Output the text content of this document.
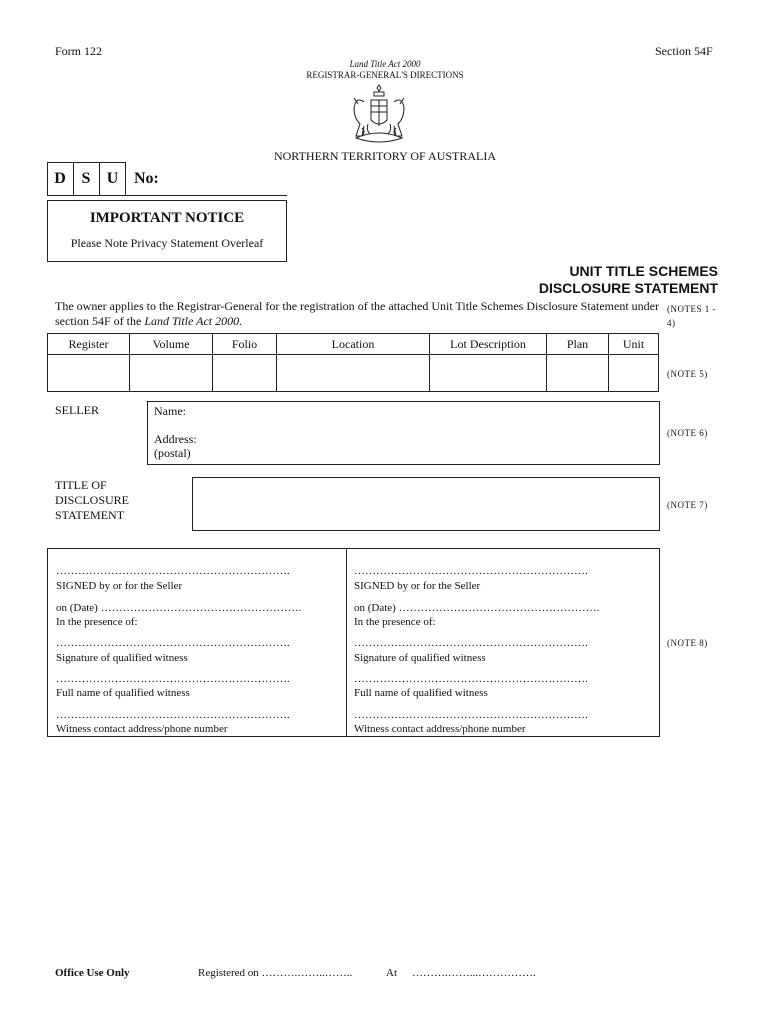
Form 122	Section 54F
Land Title Act 2000
REGISTRAR-GENERAL'S DIRECTIONS
NORTHERN TERRITORY OF AUSTRALIA
D S	U No:
IMPORTANT NOTICE
Please Note Privacy Statement Overleaf
UNIT TITLE SCHEMES
DISCLOSURE STATEMENT
The owner applies to the Registrar-General for the registration of the attached Unit Title Schemes Disclosure Statement under section 54F of the Land Title Act 2000.
(NOTES 1 - 4)
Register	Volume	Folio	Location	Lot Description	Plan	Unit

(NOTE 5)
SELLER	Name:
Address:
(postal)
(NOTE 6)
TITLE OF
DISCLOSURE
STATEMENT
(NOTE 7)
……………………………………………………….
SIGNED by or for the Seller
on (Date) ……………………………………………….
In the presence of:
……………………………………………………….
Signature of qualified witness
……………………………………………………….
Full name of qualified witness
……………………………………………………….
Witness contact address/phone number
……………………………………………………….
SIGNED by or for the Seller
on (Date) ……………………………………………….
In the presence of:
……………………………………………………….
Signature of qualified witness
……………………………………………………….
Full name of qualified witness
……………………………………………………….
Witness contact address/phone number
(NOTE 8)
Office Use Only	Registered on ……….……..……..	At ……….……...…………….
